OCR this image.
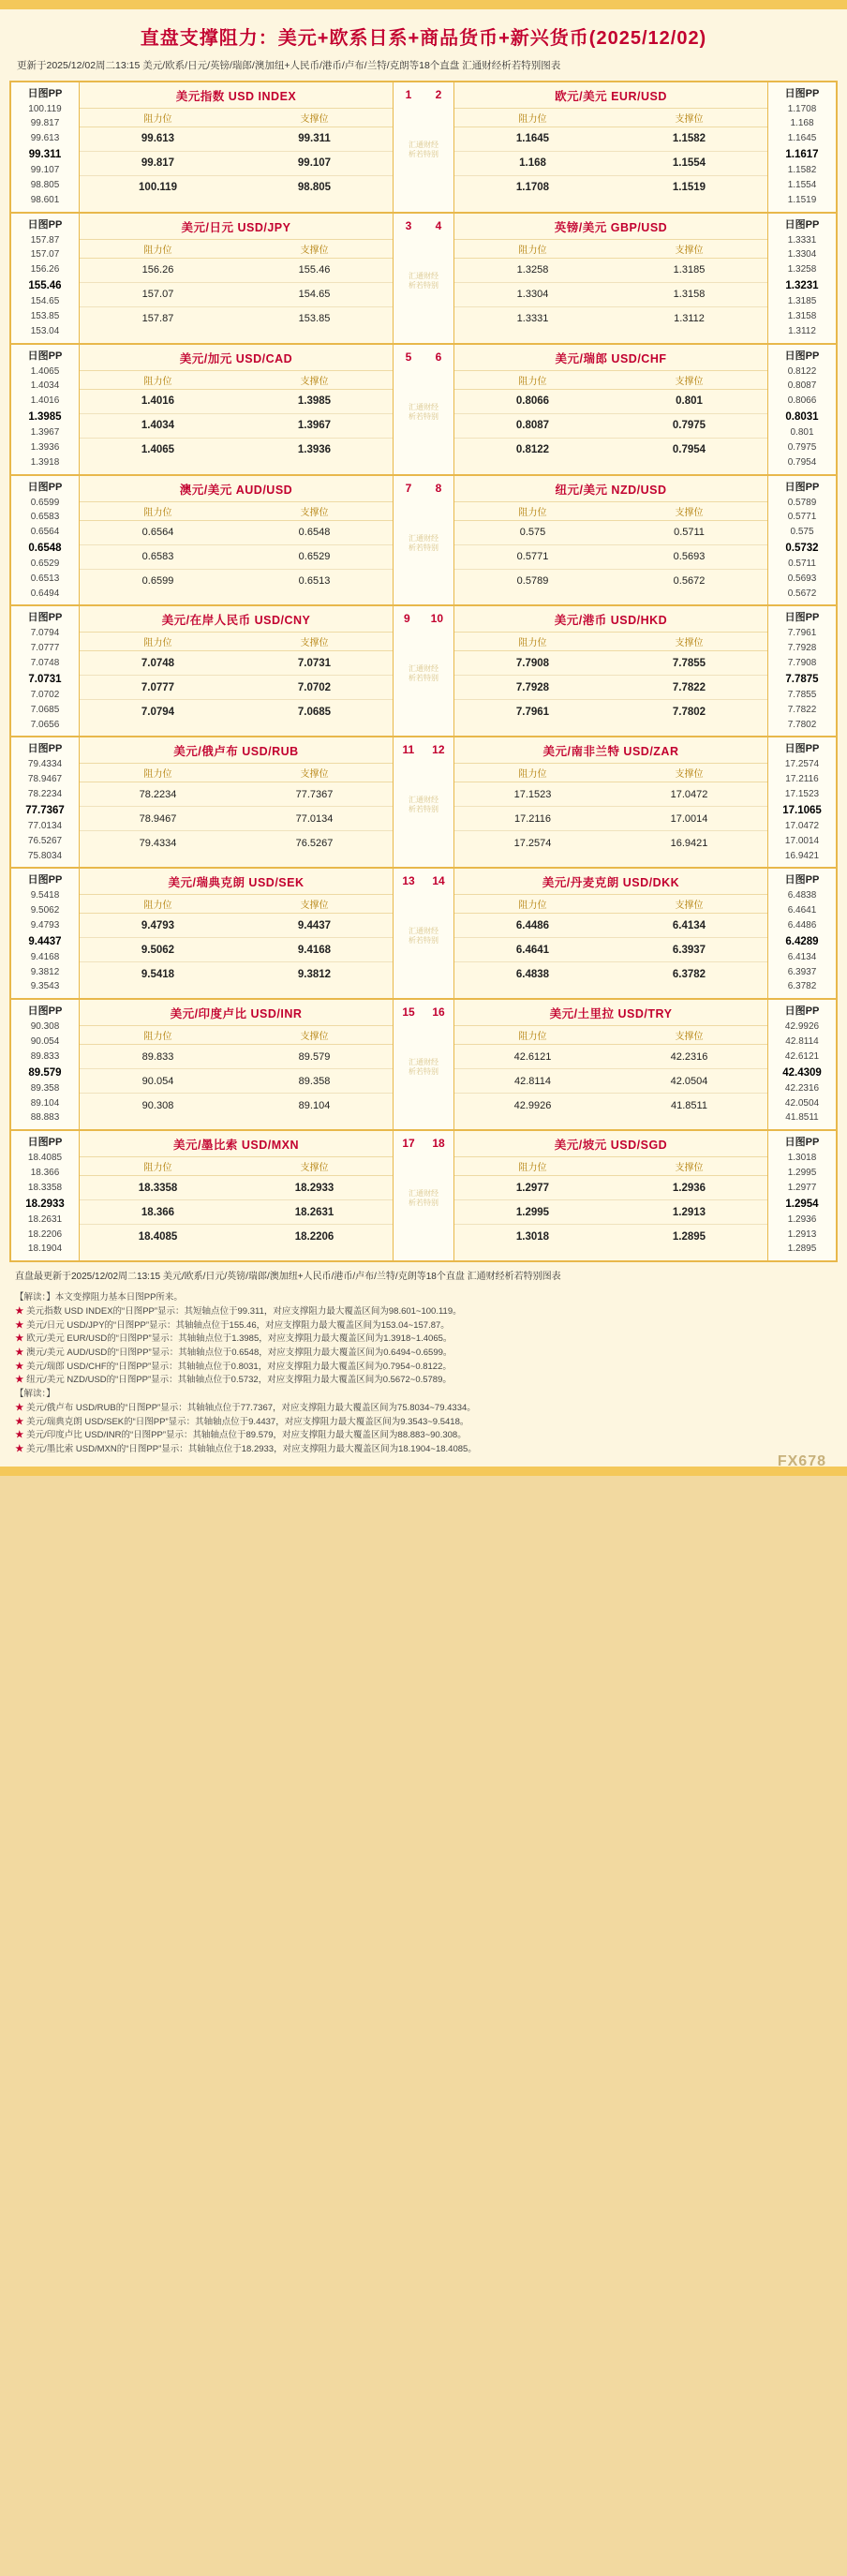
直盘支撑阻力：美元+欧系日系+商品货币+新兴货币(2025/12/02)
更新于2025/12/02周二13:15 美元/欧系/日元/英镑/瑞郎/澳加纽+人民币/港币/卢布/兰特/克朗等18个直盘 汇通财经析若特别图表
日图PP
100.119
99.817
99.613
99.311
99.107
98.805
98.601
美元指数 USD INDEX
阻力位	支撑位
99.613	99.311
99.817	99.107
100.119	98.805
1 2
汇通财经
析若特别
欧元/美元 EUR/USD
阻力位	支撑位
1.1645	1.1582
1.168	1.1554
1.1708	1.1519
日图PP
1.1708
1.168
1.1645
1.1617
1.1582
1.1554
1.1519
日图PP
157.87
157.07
156.26
155.46
154.65
153.85
153.04
美元/日元 USD/JPY
阻力位	支撑位
156.26	155.46
157.07	154.65
157.87	153.85
3 4
汇通财经
析若特别
英镑/美元 GBP/USD
阻力位	支撑位
1.3258	1.3185
1.3304	1.3158
1.3331	1.3112
日图PP
1.3331
1.3304
1.3258
1.3231
1.3185
1.3158
1.3112
日图PP
1.4065
1.4034
1.4016
1.3985
1.3967
1.3936
1.3918
美元/加元 USD/CAD
阻力位	支撑位
1.4016	1.3985
1.4034	1.3967
1.4065	1.3936
5 6
汇通财经
析若特别
美元/瑞郎 USD/CHF
阻力位	支撑位
0.8066	0.801
0.8087	0.7975
0.8122	0.7954
日图PP
0.8122
0.8087
0.8066
0.8031
0.801
0.7975
0.7954
日图PP
0.6599
0.6583
0.6564
0.6548
0.6529
0.6513
0.6494
澳元/美元 AUD/USD
阻力位	支撑位
0.6564	0.6548
0.6583	0.6529
0.6599	0.6513
7 8
汇通财经
析若特别
纽元/美元 NZD/USD
阻力位	支撑位
0.575	0.5711
0.5771	0.5693
0.5789	0.5672
日图PP
0.5789
0.5771
0.575
0.5732
0.5711
0.5693
0.5672
日图PP
7.0794
7.0777
7.0748
7.0731
7.0702
7.0685
7.0656
美元/在岸人民币 USD/CNY
阻力位	支撑位
7.0748	7.0731
7.0777	7.0702
7.0794	7.0685
9 10
汇通财经
析若特别
美元/港币 USD/HKD
阻力位	支撑位
7.7908	7.7855
7.7928	7.7822
7.7961	7.7802
日图PP
7.7961
7.7928
7.7908
7.7875
7.7855
7.7822
7.7802
日图PP
79.4334
78.9467
78.2234
77.7367
77.0134
76.5267
75.8034
美元/俄卢布 USD/RUB
阻力位	支撑位
78.2234	77.7367
78.9467	77.0134
79.4334	76.5267
11 12
汇通财经
析若特别
美元/南非兰特 USD/ZAR
阻力位	支撑位
17.1523	17.0472
17.2116	17.0014
17.2574	16.9421
日图PP
17.2574
17.2116
17.1523
17.1065
17.0472
17.0014
16.9421
日图PP
9.5418
9.5062
9.4793
9.4437
9.4168
9.3812
9.3543
美元/瑞典克朗 USD/SEK
阻力位	支撑位
9.4793	9.4437
9.5062	9.4168
9.5418	9.3812
13 14
汇通财经
析若特别
美元/丹麦克朗 USD/DKK
阻力位	支撑位
6.4486	6.4134
6.4641	6.3937
6.4838	6.3782
日图PP
6.4838
6.4641
6.4486
6.4289
6.4134
6.3937
6.3782
日图PP
90.308
90.054
89.833
89.579
89.358
89.104
88.883
美元/印度卢比 USD/INR
阻力位	支撑位
89.833	89.579
90.054	89.358
90.308	89.104
15 16
汇通财经
析若特别
美元/土里拉 USD/TRY
阻力位	支撑位
42.6121	42.2316
42.8114	42.0504
42.9926	41.8511
日图PP
42.9926
42.8114
42.6121
42.4309
42.2316
42.0504
41.8511
日图PP
18.4085
18.366
18.3358
18.2933
18.2631
18.2206
18.1904
美元/墨比索 USD/MXN
阻力位	支撑位
18.3358	18.2933
18.366	18.2631
18.4085	18.2206
17 18
汇通财经
析若特别
美元/坡元 USD/SGD
阻力位	支撑位
1.2977	1.2936
1.2995	1.2913
1.3018	1.2895
日图PP
1.3018
1.2995
1.2977
1.2954
1.2936
1.2913
1.2895
直盘最更新于2025/12/02周二13:15 美元/欧系/日元/英镑/瑞郎/澳加纽+人民币/港币/卢布/兰特/克朗等18个直盘 汇通财经析若特别图表
【解读：】本文变撑阻力基本日图PP所来。
★ 美元指数 USD INDEX的“日图PP”显示：其短轴点位于99.311，对应支撑阻力最大覆盖区间为98.601~100.119。
★ 美元/日元 USD/JPY的“日图PP”显示：其轴轴点位于155.46，对应支撑阻力最大覆盖区间为153.04~157.87。
★ 欧元/美元 EUR/USD的“日图PP”显示：其轴轴点位于1.3985，对应支撑阻力最大覆盖区间为1.3918~1.4065。
★ 澳元/美元 AUD/USD的“日图PP”显示：其轴轴点位于0.6548，对应支撑阻力最大覆盖区间为0.6494~0.6599。
★ 美元/瑞郎 USD/CHF的“日图PP”显示：其轴轴点位于0.8031，对应支撑阻力最大覆盖区间为0.7954~0.8122。
★ 纽元/美元 NZD/USD的“日图PP”显示：其轴轴点位于0.5732，对应支撑阻力最大覆盖区间为0.5672~0.5789。
【解读：】
★ 美元/俄卢布 USD/RUB的“日图PP”显示：其轴轴点位于77.7367，对应支撑阻力最大覆盖区间为75.8034~79.4334。
★ 美元/瑞典克朗 USD/SEK的“日图PP”显示：其轴轴点位于9.4437，对应支撑阻力最大覆盖区间为9.3543~9.5418。
★ 美元/印度卢比 USD/INR的“日图PP”显示：其轴轴点位于89.579，对应支撑阻力最大覆盖区间为88.883~90.308。
★ 美元/墨比索 USD/MXN的“日图PP”显示：其轴轴点位于18.2933，对应支撑阻力最大覆盖区间为18.1904~18.4085。
FX678
